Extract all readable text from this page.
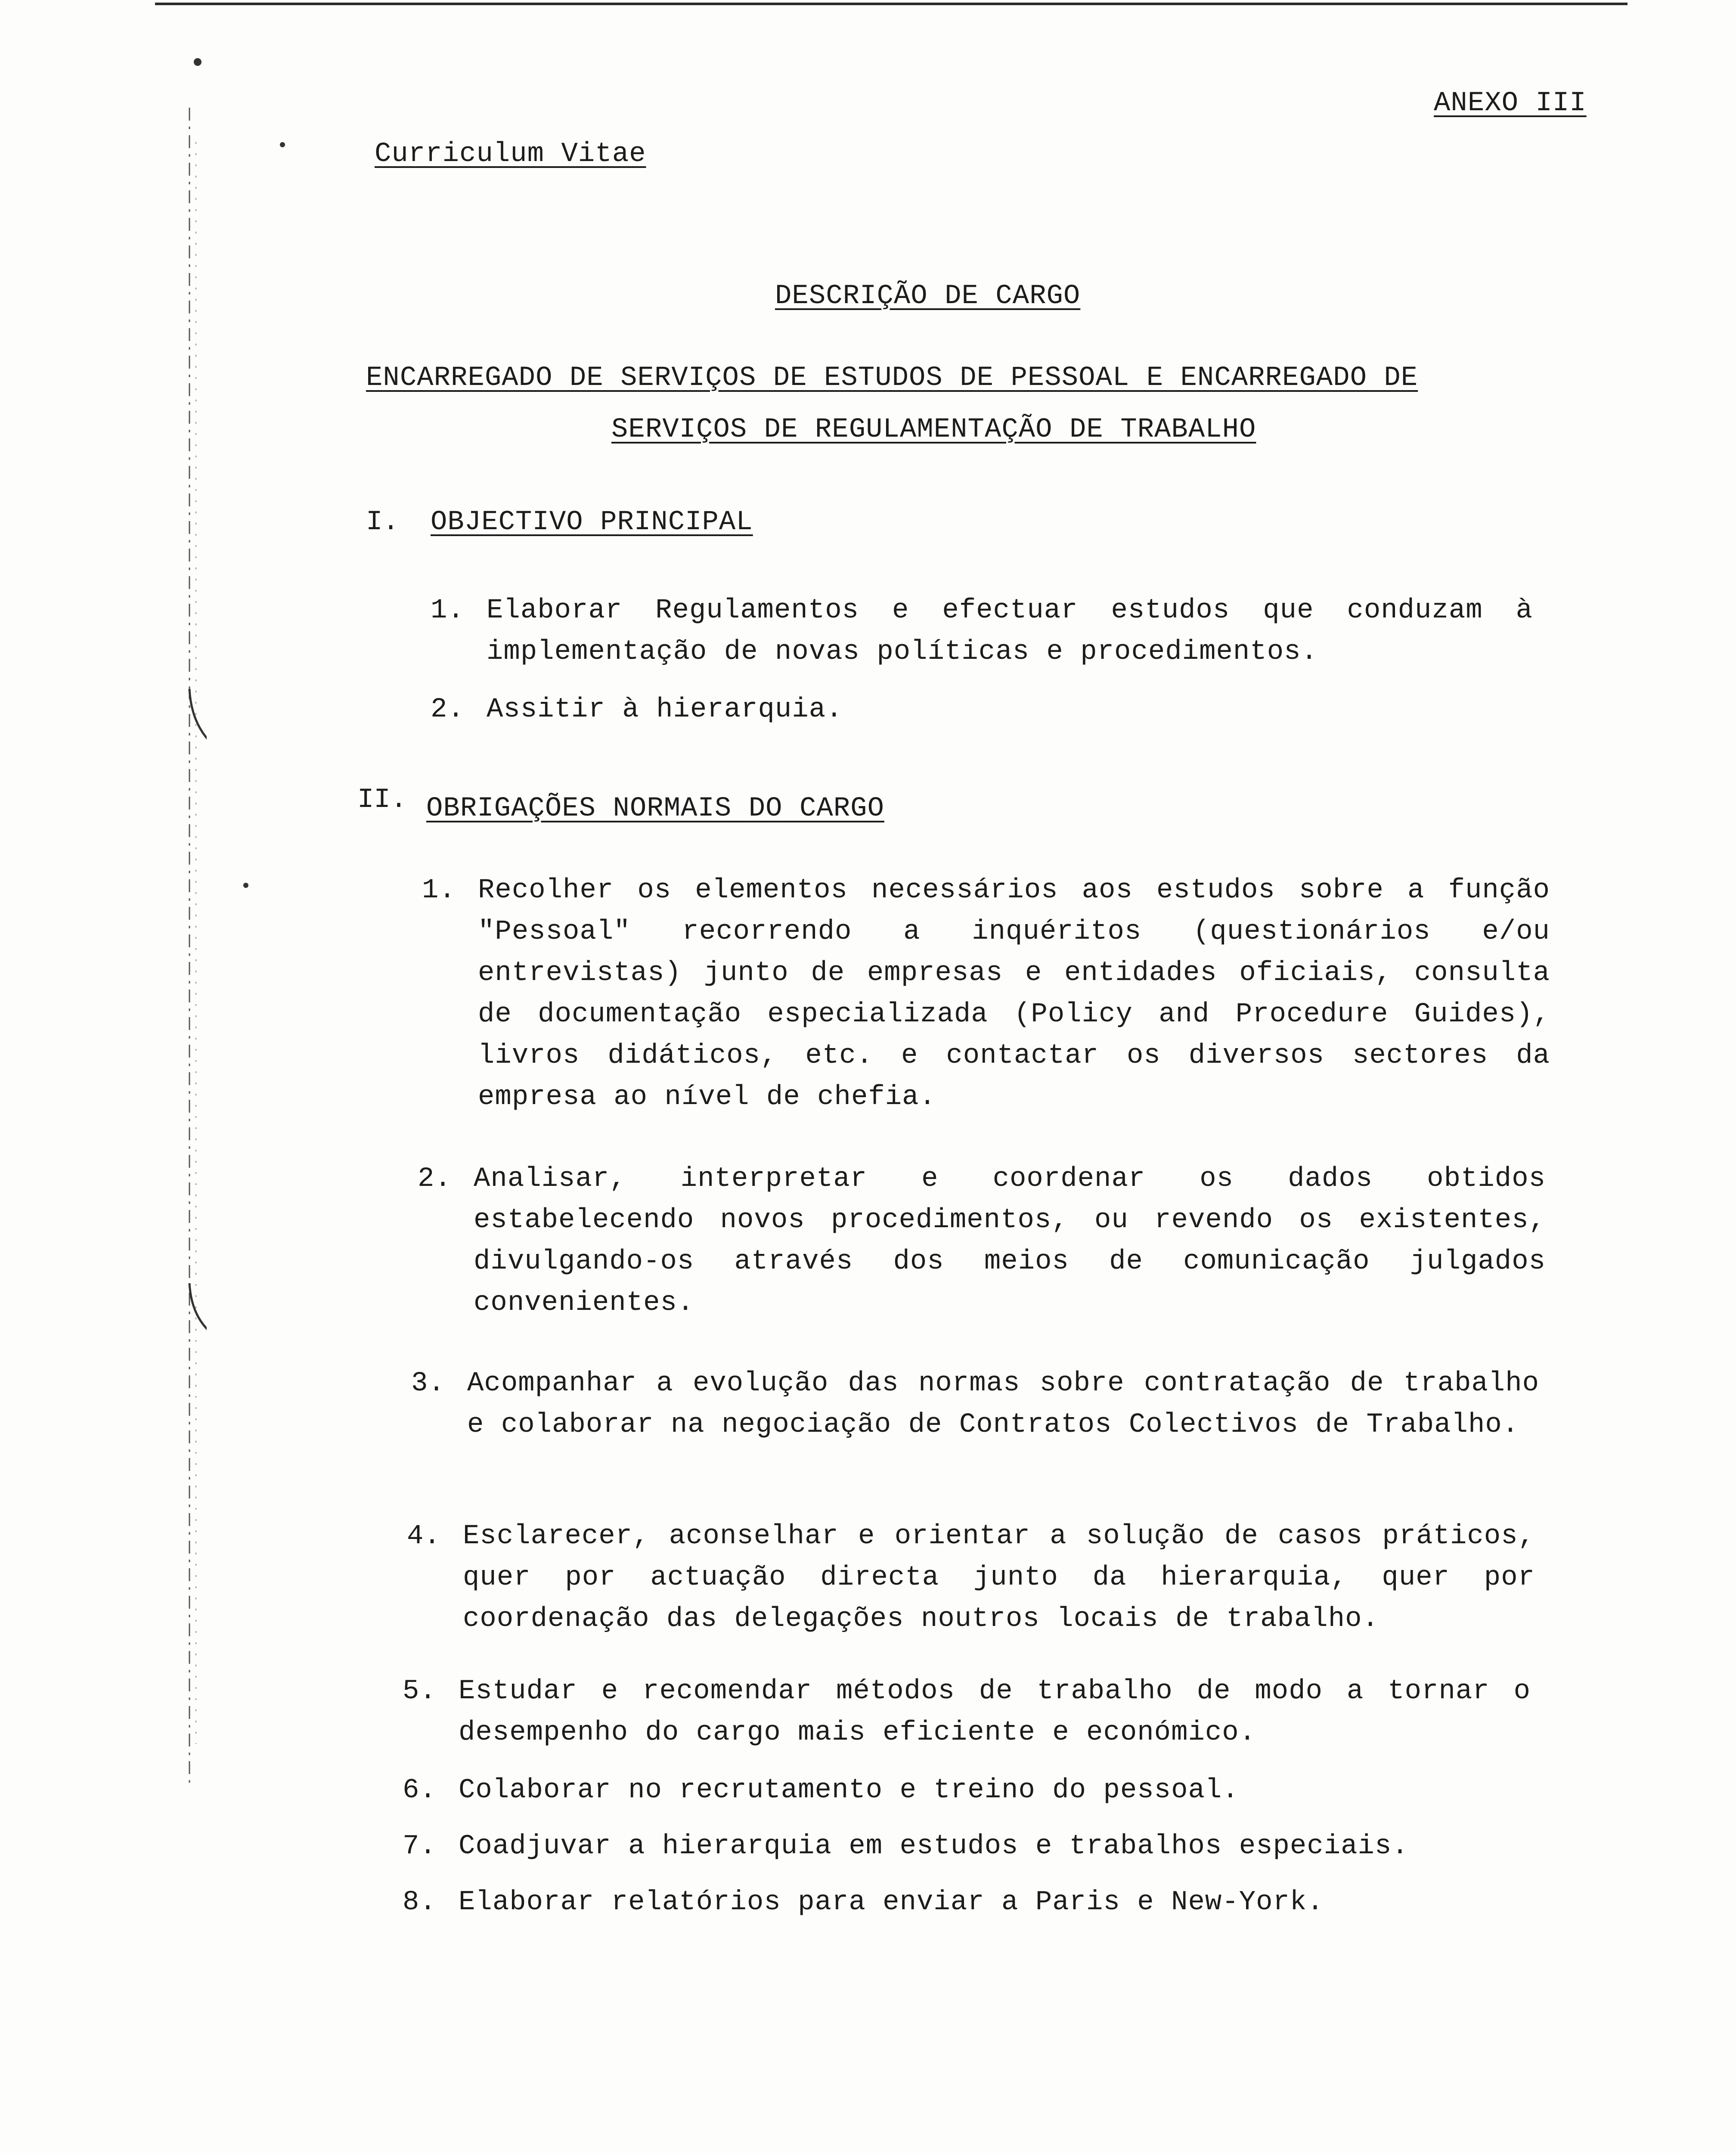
ANEXO III
Curriculum Vitae
DESCRIÇÃO DE CARGO
ENCARREGADO DE SERVIÇOS DE ESTUDOS DE PESSOAL E ENCARREGADO DE
SERVIÇOS DE REGULAMENTAÇÃO DE TRABALHO
I. OBJECTIVO PRINCIPAL
1. Elaborar Regulamentos e efectuar estudos que conduzam à implementação de novas políticas e procedimentos.
2. Assitir à hierarquia.
II. OBRIGAÇÕES NORMAIS DO CARGO
1. Recolher os elementos necessários aos estudos sobre a função "Pessoal" recorrendo a inquéritos (questionários e/ou entrevistas) junto de empresas e entidades oficiais, consulta de documentação especializada (Policy and Procedure Guides), livros didáticos, etc. e contactar os diversos sectores da empresa ao nível de chefia.
2. Analisar, interpretar e coordenar os dados obtidos estabelecendo novos procedimentos, ou revendo os existentes, divulgando-os através dos meios de comunicação julgados convenientes.
3. Acompanhar a evolução das normas sobre contratação de trabalho e colaborar na negociação de Contratos Colectivos de Trabalho.
4. Esclarecer, aconselhar e orientar a solução de casos práticos, quer por actuação directa junto da hierarquia, quer por coordenação das delegações noutros locais de trabalho.
5. Estudar e recomendar métodos de trabalho de modo a tornar o desempenho do cargo mais eficiente e económico.
6. Colaborar no recrutamento e treino do pessoal.
7. Coadjuvar a hierarquia em estudos e trabalhos especiais.
8. Elaborar relatórios para enviar a Paris e New-York.
